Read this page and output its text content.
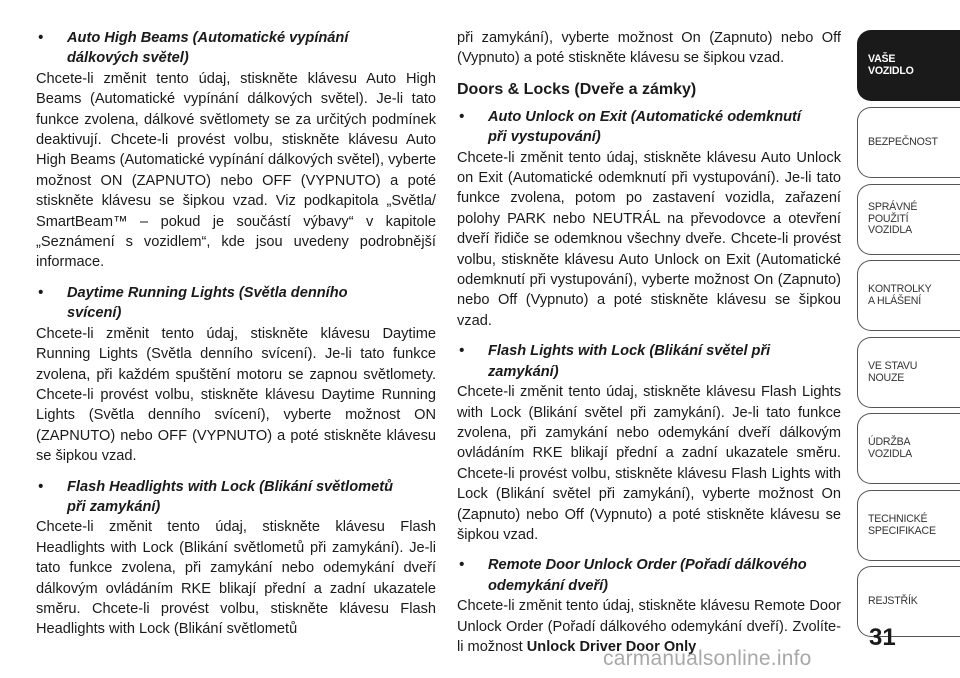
• Auto High Beams (Automatické vypínání
dálkových světel)

Chcete-li změnit tento údaj, stiskněte klávesu Auto High Beams (Automatické vypínání dálkových světel). Je-li tato funkce zvolena, dálkové světlomety se za určitých podmínek deaktivují. Chcete-li provést volbu, stiskněte klávesu Auto High Beams (Automatické vypínání dálkových světel), vyberte možnost ON (ZAPNUTO) nebo OFF (VYPNUTO) a poté stiskněte klávesu se šipkou vzad. Viz podkapitola „Světla/ SmartBeam™ – pokud je součástí výbavy“ v kapitole „Seznámení s vozidlem“, kde jsou uvedeny podrobnější informace.

• Daytime Running Lights (Světla denního
svícení)

Chcete-li změnit tento údaj, stiskněte klávesu Daytime Running Lights (Světla denního svícení). Je-li tato funkce zvolena, při každém spuštění motoru se zapnou světlomety. Chcete-li provést volbu, stiskněte klávesu Daytime Running Lights (Světla denního svícení), vyberte možnost ON (ZAPNUTO) nebo OFF (VYPNUTO) a poté stiskněte klávesu se šipkou vzad.

• Flash Headlights with Lock (Blikání světlometů
při zamykání)

Chcete-li změnit tento údaj, stiskněte klávesu Flash Headlights with Lock (Blikání světlometů při zamykání). Je-li tato funkce zvolena, při zamykání nebo odemykání dveří dálkovým ovládáním RKE blikají přední a zadní ukazatele směru. Chcete-li provést volbu, stiskněte klávesu Flash Headlights with Lock (Blikání světlometů

při zamykání), vyberte možnost On (Zapnuto) nebo Off (Vypnuto) a poté stiskněte klávesu se šipkou vzad.

Doors & Locks (Dveře a zámky)

• Auto Unlock on Exit (Automatické odemknutí
při vystupování)

Chcete-li změnit tento údaj, stiskněte klávesu Auto Unlock on Exit (Automatické odemknutí při vystupování). Je-li tato funkce zvolena, potom po zastavení vozidla, zařazení polohy PARK nebo NEUTRÁL na převodovce a otevření dveří řidiče se odemknou všechny dveře. Chcete-li provést volbu, stiskněte klávesu Auto Unlock on Exit (Automatické odemknutí při vystupování), vyberte možnost On (Zapnuto) nebo Off (Vypnuto) a poté stiskněte klávesu se šipkou vzad.

• Flash Lights with Lock (Blikání světel při
zamykání)

Chcete-li změnit tento údaj, stiskněte klávesu Flash Lights with Lock (Blikání světel při zamykání). Je-li tato funkce zvolena, při zamykání nebo odemykání dveří dálkovým ovládáním RKE blikají přední a zadní ukazatele směru. Chcete-li provést volbu, stiskněte klávesu Flash Lights with Lock (Blikání světel při zamykání), vyberte možnost On (Zapnuto) nebo Off (Vypnuto) a poté stiskněte klávesu se šipkou vzad.

• Remote Door Unlock Order (Pořadí dálkového
odemykání dveří)

Chcete-li změnit tento údaj, stiskněte klávesu Remote Door Unlock Order (Pořadí dálkového odemykání dveří). Zvolíte-li možnost Unlock Driver Door Only

VAŠE
VOZIDLO
BEZPEČNOST
SPRÁVNÉ
POUŽITÍ
VOZIDLA
KONTROLKY
A HLÁŠENÍ
VE STAVU
NOUZE
ÚDRŽBA
VOZIDLA
TECHNICKÉ
SPECIFIKACE
REJSTŘÍK
31
carmanualsonline.info
